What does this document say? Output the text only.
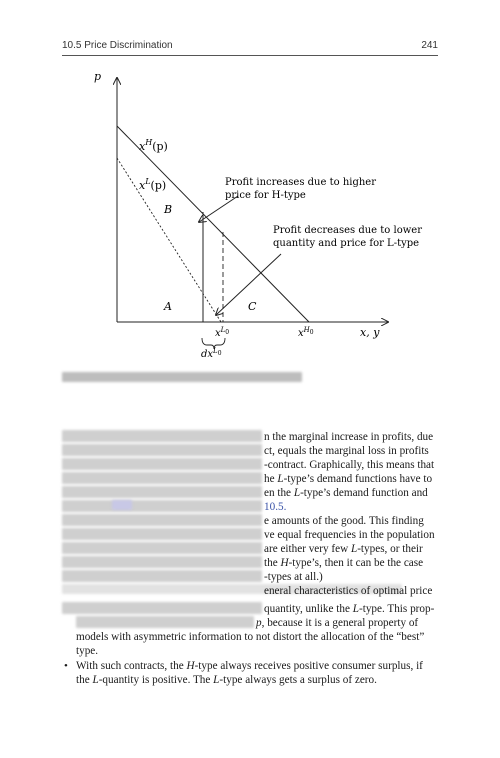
10.5 Price Discrimination	241
p
x, y
$x^H(p)$
$x^L(p)$
A
B
C
Profit increases due to higher
price for H-type
Profit decreases due to lower
quantity and price for L-type
$x^L_0$	$x^H_0$
$dx^L_0$
n the marginal increase in profits, due
ct, equals the marginal loss in profits
-contract. Graphically, this means that
he L-type’s demand functions have to
en the L-type’s demand function and
10.5.
e amounts of the good. This finding
ve equal frequencies in the population
are either very few L-types, or their
the H-type’s, then it can be the case
-types at all.)
eneral characteristics of optimal price
quantity, unlike the L-type. This prop-
p, because it is a general property of
models with asymmetric information to not distort the allocation of the “best”
type.
• With such contracts, the H-type always receives positive consumer surplus, if
the L-quantity is positive. The L-type always gets a surplus of zero.
